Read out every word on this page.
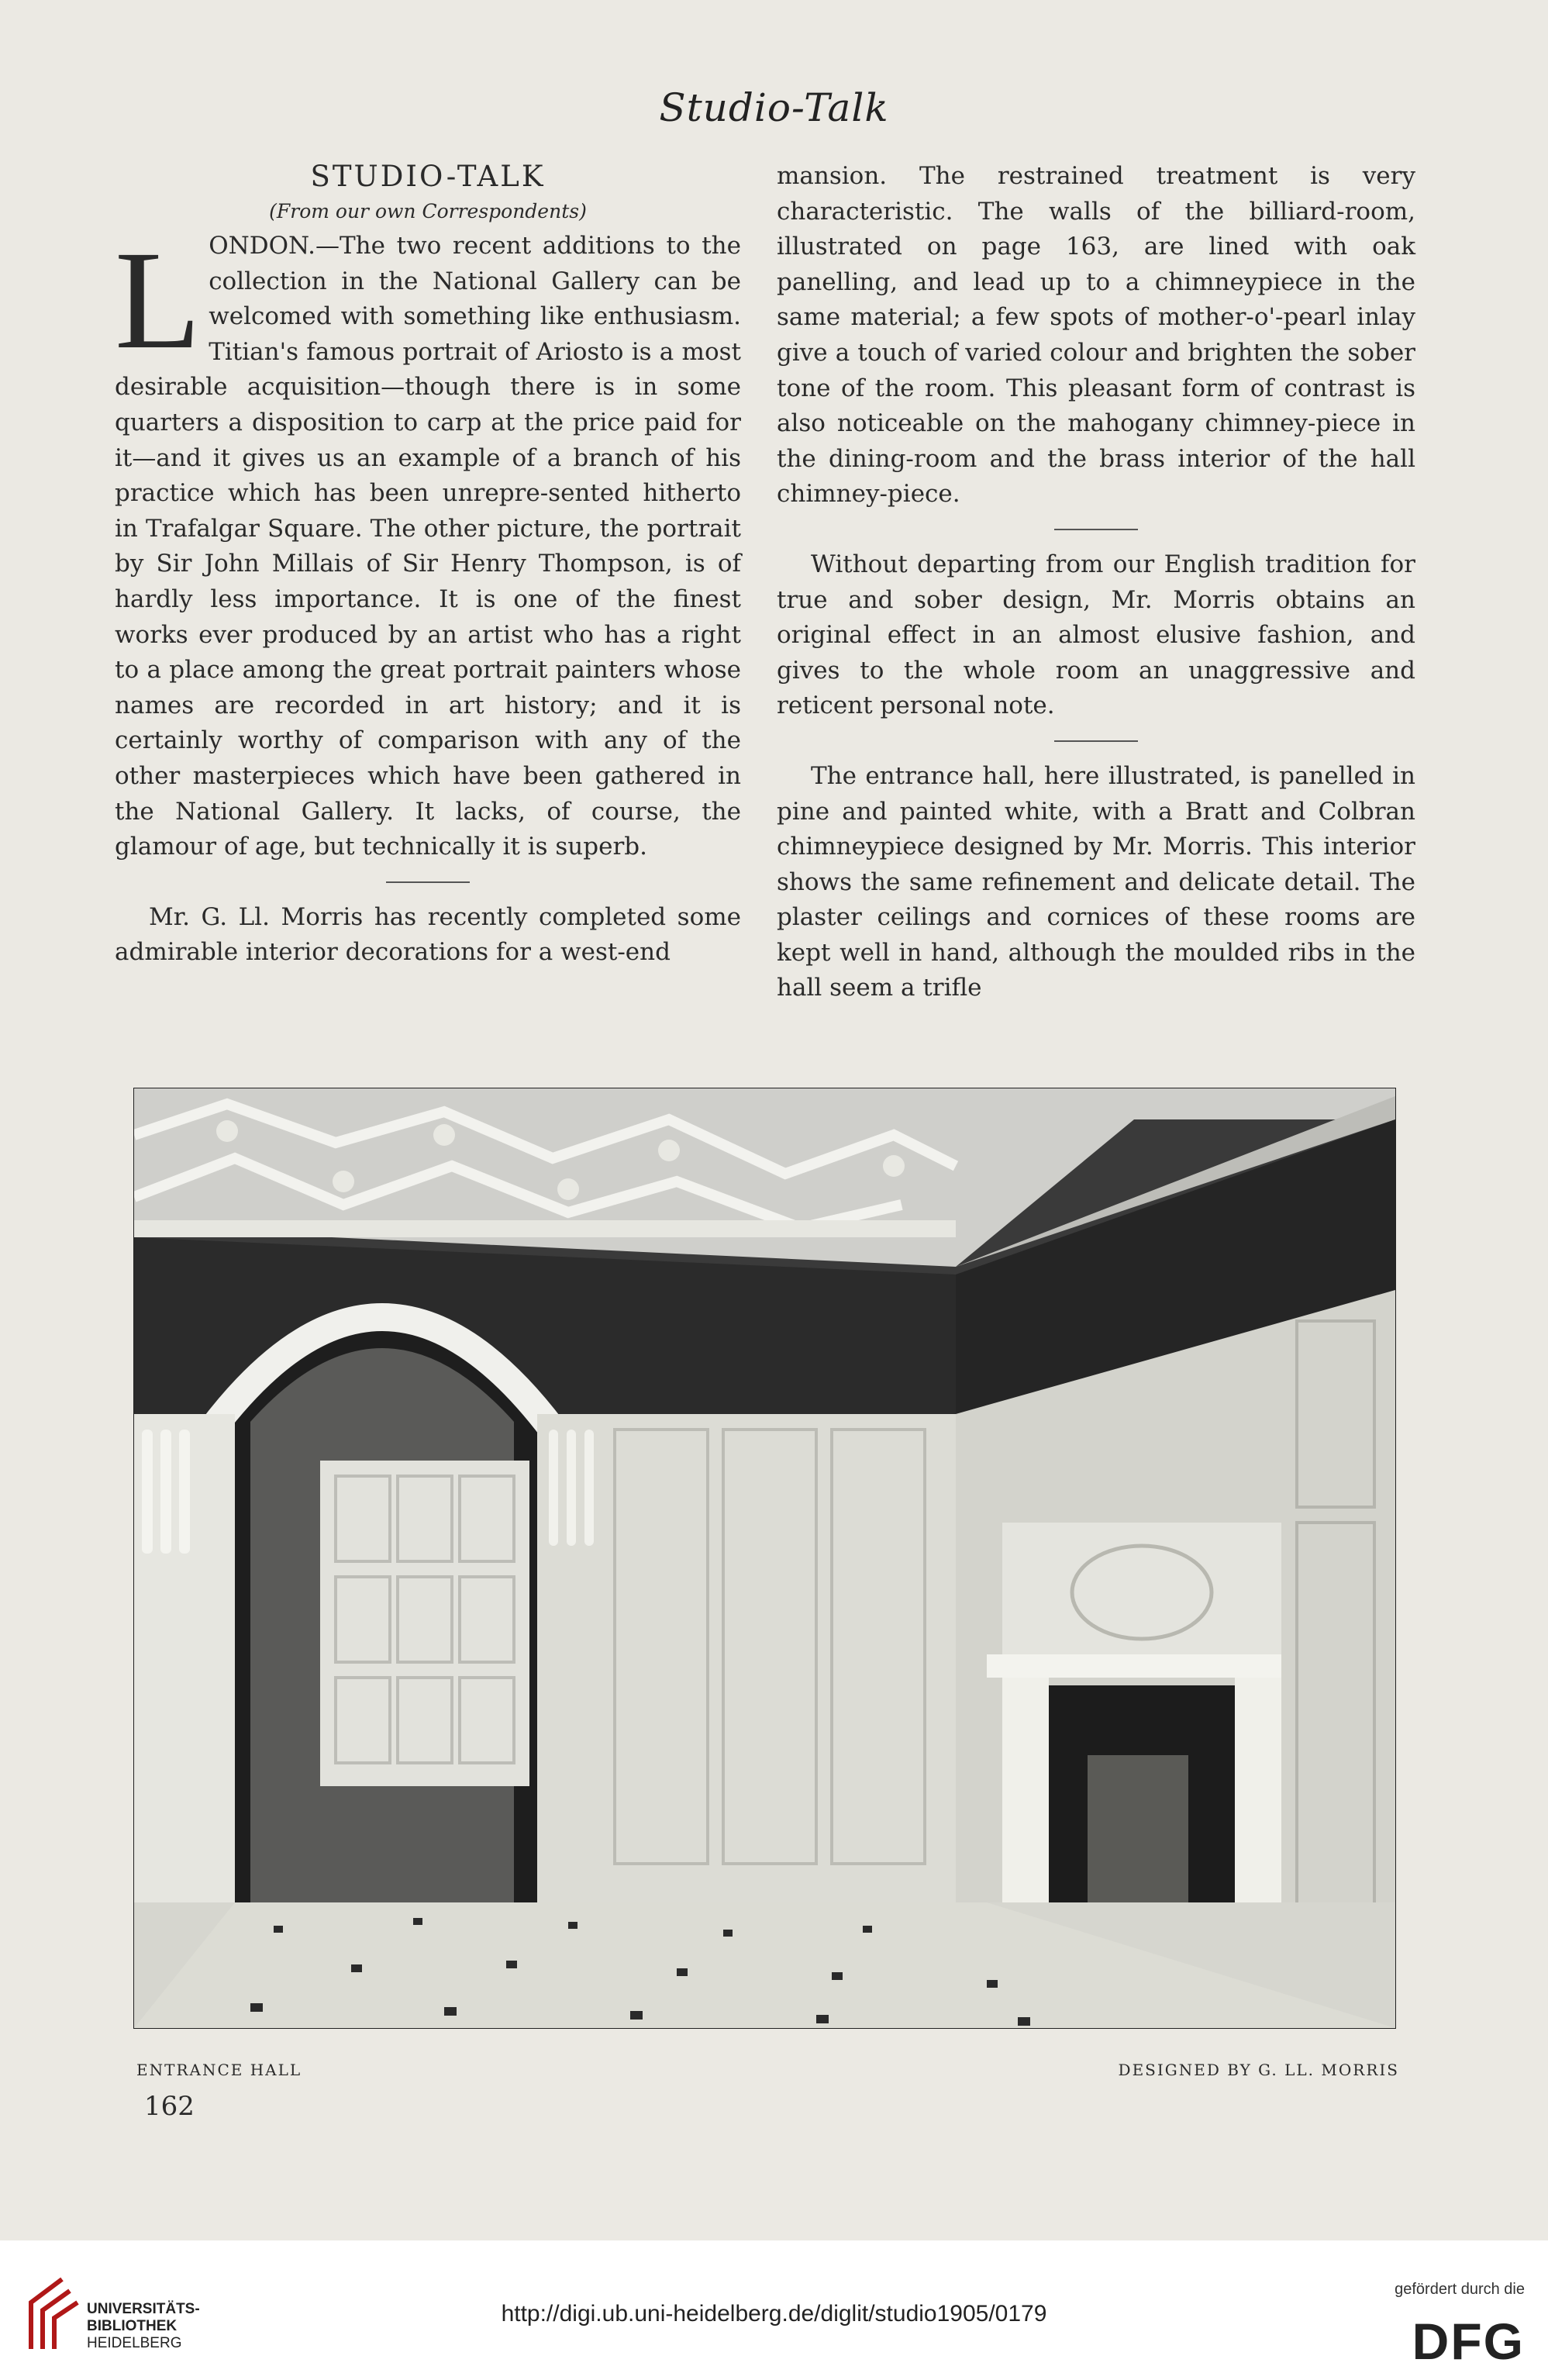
Studio-Talk

STUDIO-TALK

(From our own Correspondents)

L ONDON.—The two recent additions to the collection in the National Gallery can be welcomed with something like enthusiasm. Titian's famous portrait of Ariosto is a most desirable acquisition—though there is in some quarters a disposition to carp at the price paid for it—and it gives us an example of a branch of his practice which has been unrepre-sented hitherto in Trafalgar Square. The other picture, the portrait by Sir John Millais of Sir Henry Thompson, is of hardly less importance. It is one of the finest works ever produced by an artist who has a right to a place among the great portrait painters whose names are recorded in art history; and it is certainly worthy of comparison with any of the other masterpieces which have been gathered in the National Gallery. It lacks, of course, the glamour of age, but technically it is superb.

Mr. G. Ll. Morris has recently completed some admirable interior decorations for a west-end

mansion. The restrained treatment is very characteristic. The walls of the billiard-room, illustrated on page 163, are lined with oak panelling, and lead up to a chimneypiece in the same material; a few spots of mother-o'-pearl inlay give a touch of varied colour and brighten the sober tone of the room. This pleasant form of contrast is also noticeable on the mahogany chimney-piece in the dining-room and the brass interior of the hall chimney-piece.

Without departing from our English tradition for true and sober design, Mr. Morris obtains an original effect in an almost elusive fashion, and gives to the whole room an unaggressive and reticent personal note.

The entrance hall, here illustrated, is panelled in pine and painted white, with a Bratt and Colbran chimneypiece designed by Mr. Morris. This interior shows the same refinement and delicate detail. The plaster ceilings and cornices of these rooms are kept well in hand, although the moulded ribs in the hall seem a trifle

ENTRANCE HALL	DESIGNED BY G. LL. MORRIS
162
UNIVERSITÄTS-
BIBLIOTHEK
HEIDELBERG
http://digi.ub.uni-heidelberg.de/diglit/studio1905/0179
gefördert durch die
DFG
